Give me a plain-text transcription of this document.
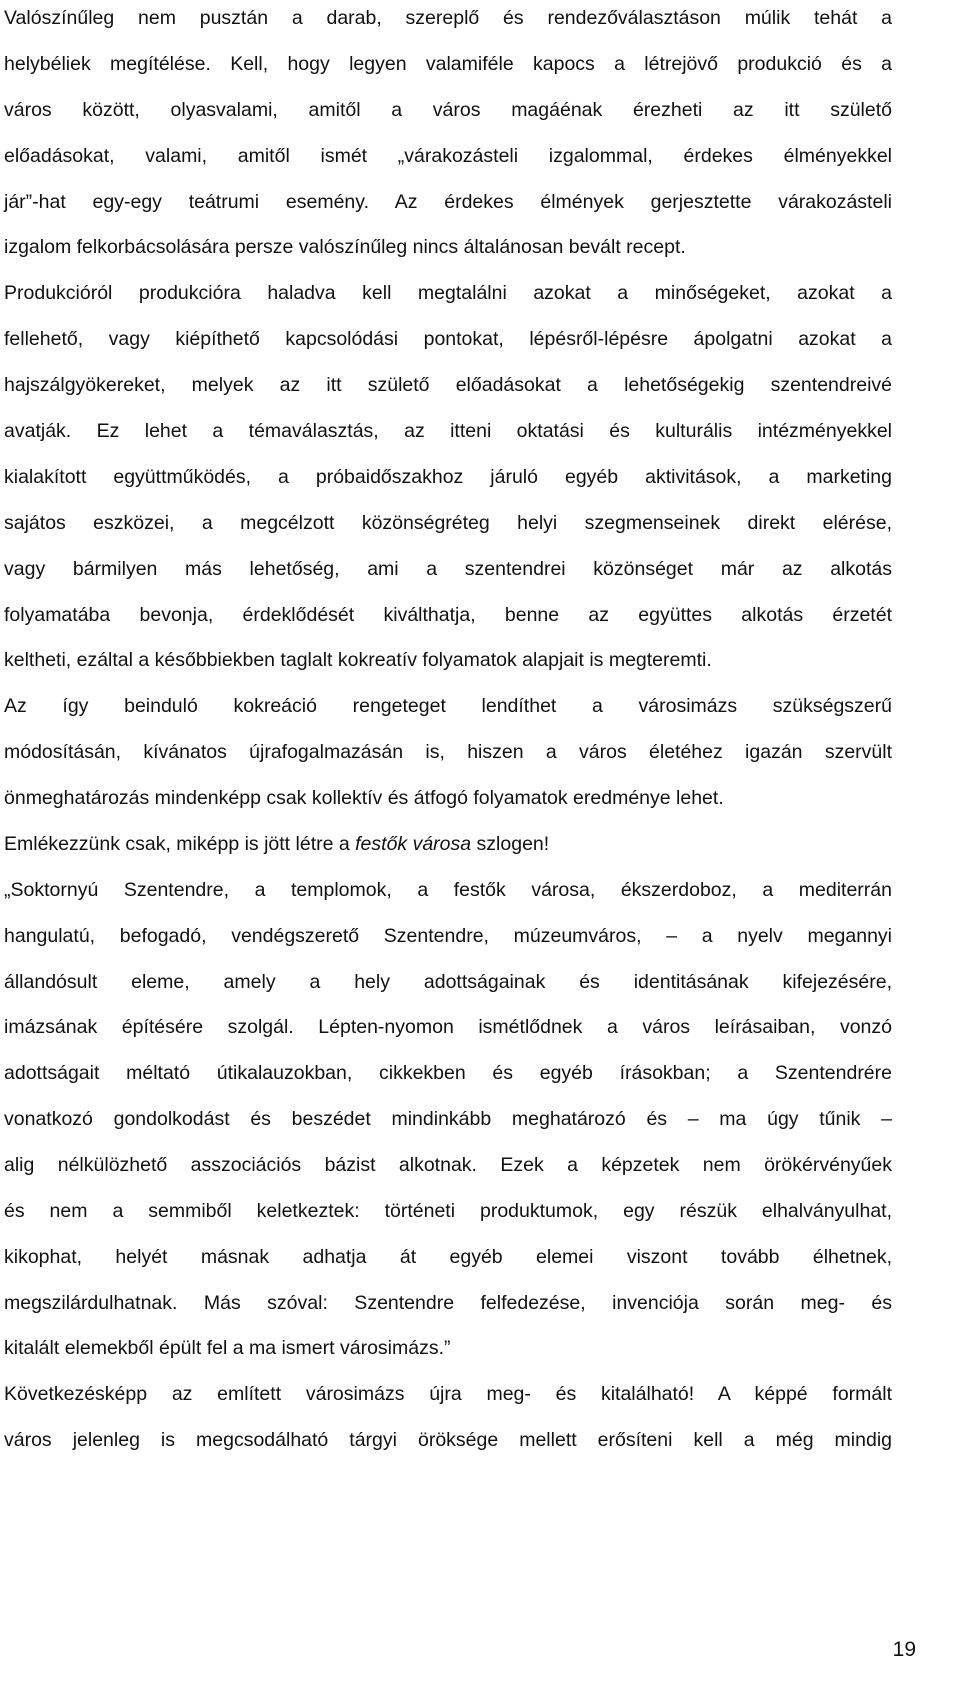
Valószínűleg nem pusztán a darab, szereplő és rendezőválasztáson múlik tehát a
helybéliek megítélése. Kell, hogy legyen valamiféle kapocs a létrejövő produkció és a
város között, olyasvalami, amitől a város magáénak érezheti az itt születő
előadásokat, valami, amitől ismét „várakozásteli izgalommal, érdekes élményekkel
jár”-hat egy-egy teátrumi esemény. Az érdekes élmények gerjesztette várakozásteli
izgalom felkorbácsolására persze valószínűleg nincs általánosan bevált recept.
Produkcióról produkcióra haladva kell megtalálni azokat a minőségeket, azokat a
fellehető, vagy kiépíthető kapcsolódási pontokat, lépésről-lépésre ápolgatni azokat a
hajszálgyökereket, melyek az itt születő előadásokat a lehetőségekig szentendreivé
avatják. Ez lehet a témaválasztás, az itteni oktatási és kulturális intézményekkel
kialakított együttműködés, a próbaidőszakhoz járuló egyéb aktivitások, a marketing
sajátos eszközei, a megcélzott közönségréteg helyi szegmenseinek direkt elérése,
vagy bármilyen más lehetőség, ami a szentendrei közönséget már az alkotás
folyamatába bevonja, érdeklődését kiválthatja, benne az együttes alkotás érzetét
keltheti, ezáltal a későbbiekben taglalt kokreatív folyamatok alapjait is megteremti.
Az így beinduló kokreáció rengeteget lendíthet a városimázs szükségszerű
módosításán, kívánatos újrafogalmazásán is, hiszen a város életéhez igazán szervült
önmeghatározás mindenképp csak kollektív és átfogó folyamatok eredménye lehet.
Emlékezzünk csak, miképp is jött létre a festők városa szlogen!
„Soktornyú Szentendre, a templomok, a festők városa, ékszerdoboz, a mediterrán
hangulatú, befogadó, vendégszerető Szentendre, múzeumváros, – a nyelv megannyi
állandósult eleme, amely a hely adottságainak és identitásának kifejezésére,
imázsának építésére szolgál. Lépten-nyomon ismétlődnek a város leírásaiban, vonzó
adottságait méltató útikalauzokban, cikkekben és egyéb írásokban; a Szentendrére
vonatkozó gondolkodást és beszédet mindinkább meghatározó és – ma úgy tűnik –
alig nélkülözhető asszociációs bázist alkotnak. Ezek a képzetek nem örökérvényűek
és nem a semmiből keletkeztek: történeti produktumok, egy részük elhalványulhat,
kikophat, helyét másnak adhatja át egyéb elemei viszont tovább élhetnek,
megszilárdulhatnak. Más szóval: Szentendre felfedezése, invenciója során meg- és
kitalált elemekből épült fel a ma ismert városimázs.”
Következésképp az említett városimázs újra meg- és kitalálható! A képpé formált
város jelenleg is megcsodálható tárgyi öröksége mellett erősíteni kell a még mindig
19
